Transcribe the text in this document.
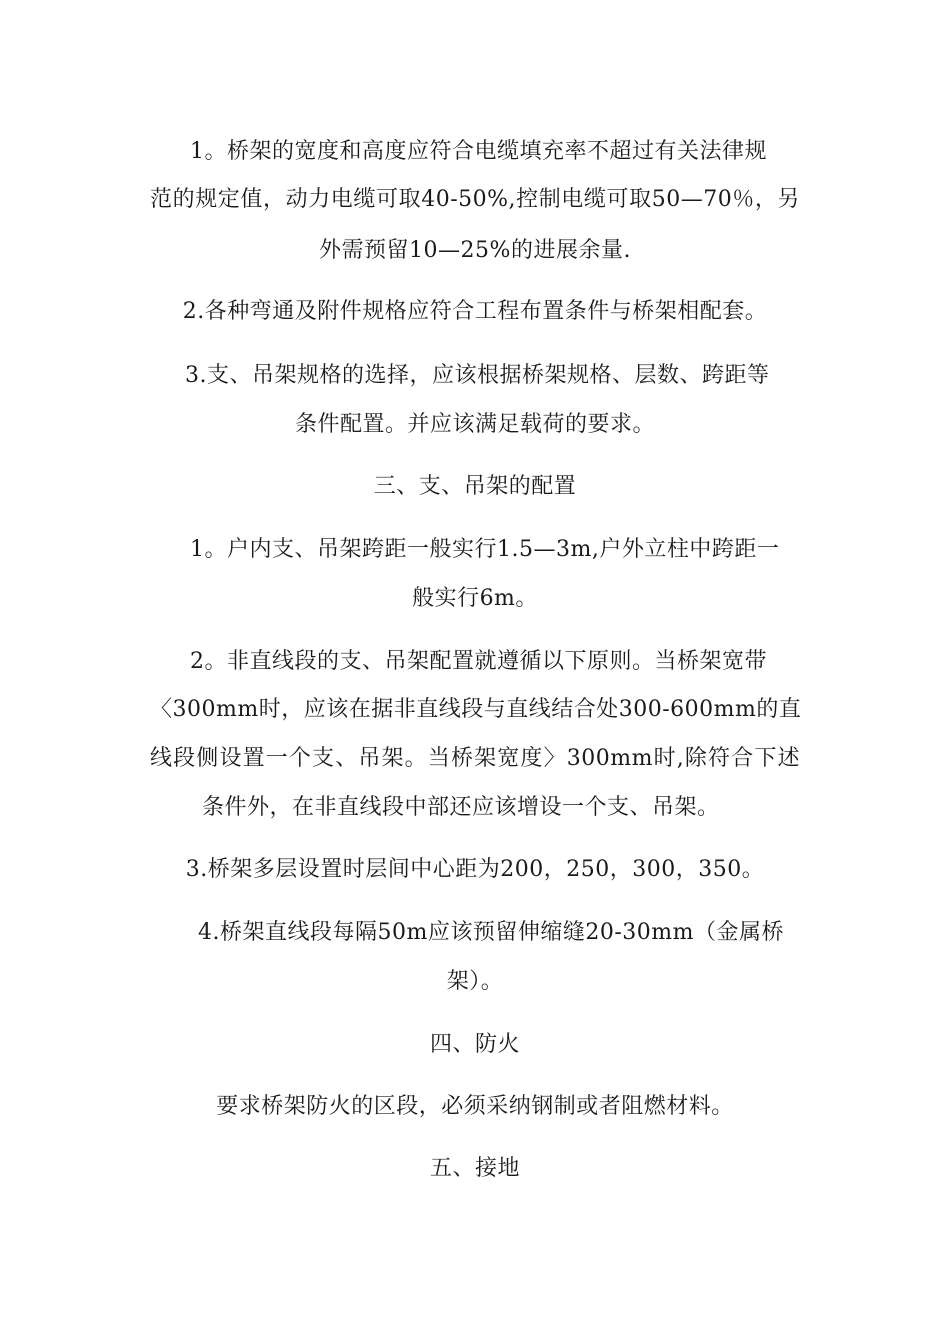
1。桥架的宽度和高度应符合电缆填充率不超过有关法律规
范的规定值，动力电缆可取40-50%,控制电缆可取50—70％，另
外需预留10—25%的进展余量.
2.各种弯通及附件规格应符合工程布置条件与桥架相配套。
3.支、吊架规格的选择，应该根据桥架规格、层数、跨距等
条件配置。并应该满足载荷的要求。
三、支、吊架的配置
1。户内支、吊架跨距一般实行1.5—3m,户外立柱中跨距一
般实行6m。
2。非直线段的支、吊架配置就遵循以下原则。当桥架宽带
〈300mm时，应该在据非直线段与直线结合处300-600mm的直
线段侧设置一个支、吊架。当桥架宽度〉300mm时,除符合下述
条件外，在非直线段中部还应该增设一个支、吊架。
3.桥架多层设置时层间中心距为200，250，300，350。
4.桥架直线段每隔50m应该预留伸缩缝20-30mm（金属桥
架）。
四、防火
要求桥架防火的区段，必须采纳钢制或者阻燃材料。
五、接地
